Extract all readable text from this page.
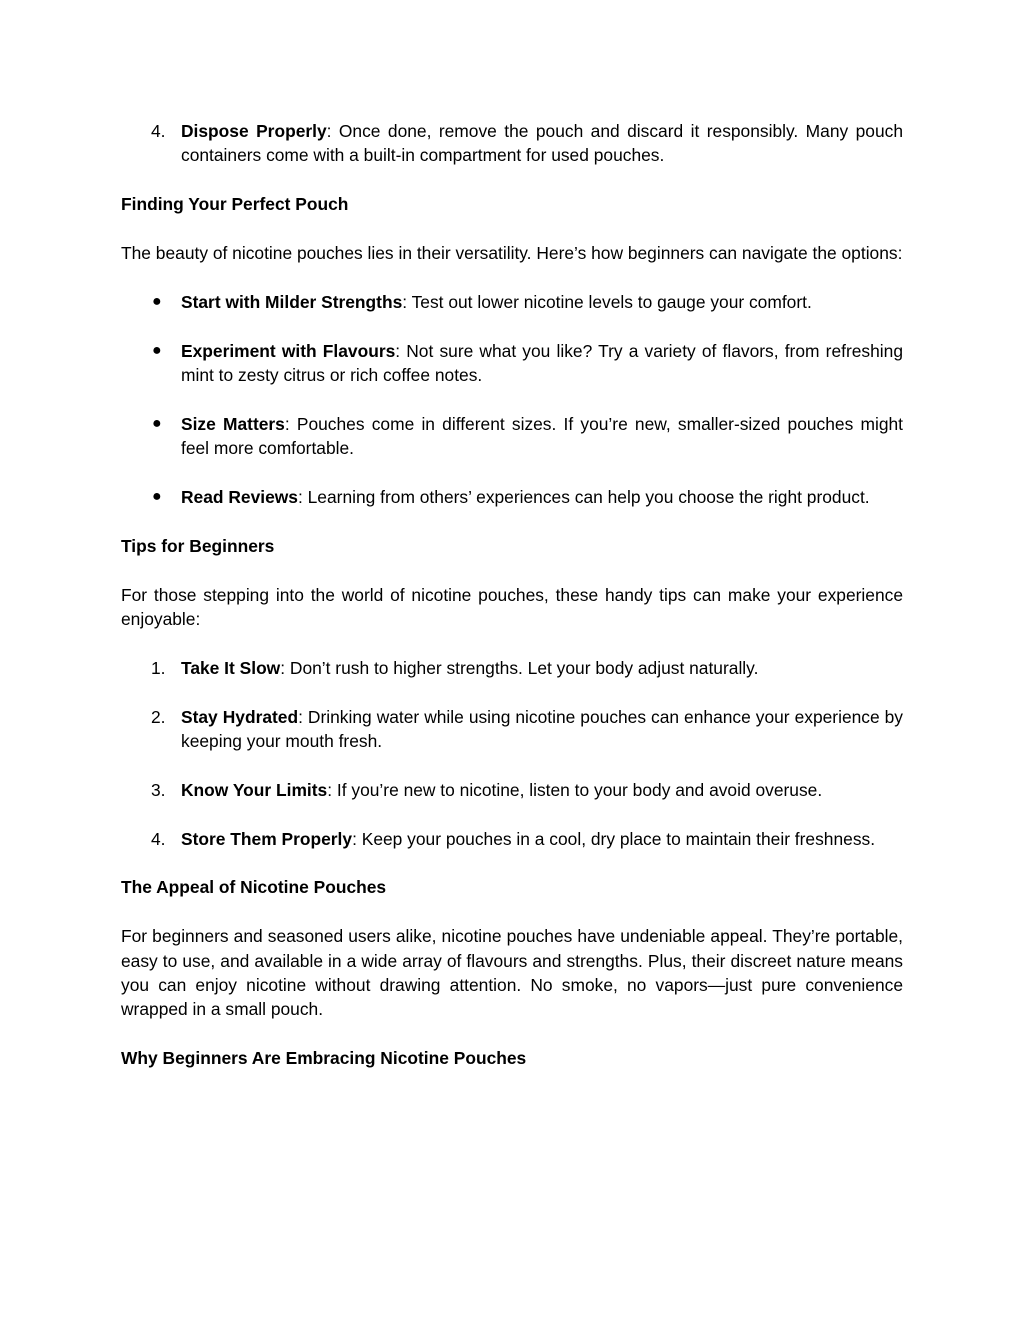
4. Dispose Properly: Once done, remove the pouch and discard it responsibly. Many pouch containers come with a built-in compartment for used pouches.

Finding Your Perfect Pouch

The beauty of nicotine pouches lies in their versatility. Here’s how beginners can navigate the options:

●	Start with Milder Strengths: Test out lower nicotine levels to gauge your comfort.
●	Experiment with Flavours: Not sure what you like? Try a variety of flavors, from refreshing mint to zesty citrus or rich coffee notes.
●	Size Matters: Pouches come in different sizes. If you’re new, smaller-sized pouches might feel more comfortable.
●	Read Reviews: Learning from others’ experiences can help you choose the right product.

Tips for Beginners

For those stepping into the world of nicotine pouches, these handy tips can make your experience enjoyable:

1. Take It Slow: Don’t rush to higher strengths. Let your body adjust naturally.
2. Stay Hydrated: Drinking water while using nicotine pouches can enhance your experience by keeping your mouth fresh.
3. Know Your Limits: If you’re new to nicotine, listen to your body and avoid overuse.
4. Store Them Properly: Keep your pouches in a cool, dry place to maintain their freshness.

The Appeal of Nicotine Pouches

For beginners and seasoned users alike, nicotine pouches have undeniable appeal. They’re portable, easy to use, and available in a wide array of flavours and strengths. Plus, their discreet nature means you can enjoy nicotine without drawing attention. No smoke, no vapors—just pure convenience wrapped in a small pouch.

Why Beginners Are Embracing Nicotine Pouches
